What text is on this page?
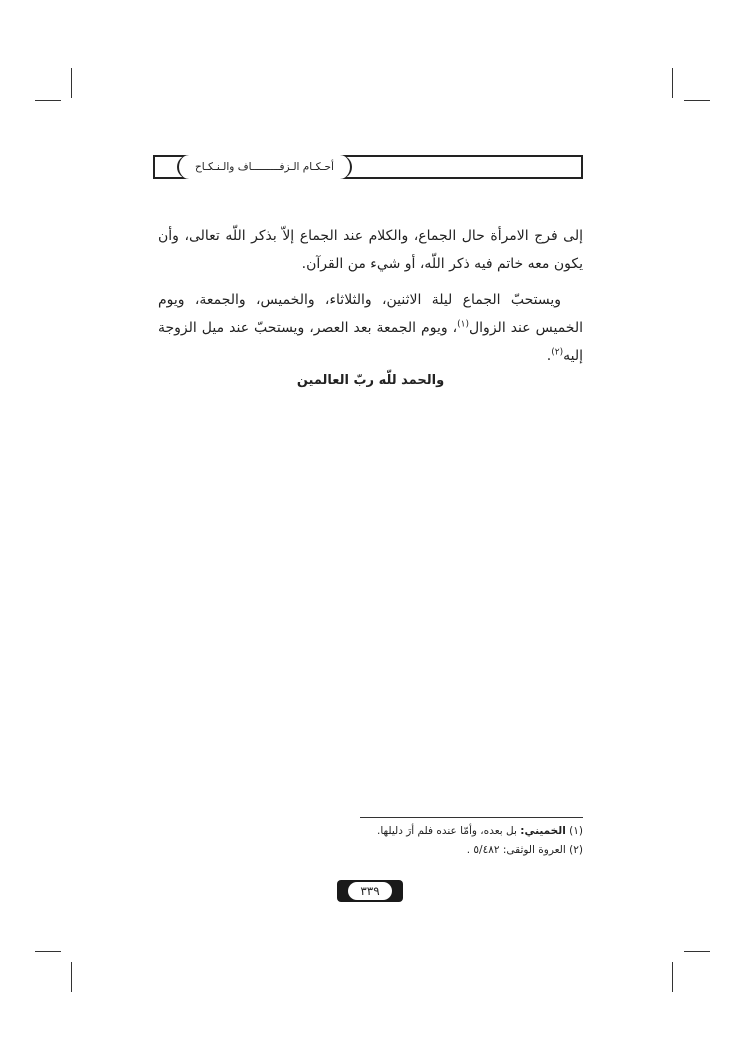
أحـكـام الـزفـــــــــاف والـنـكـاح
إلى فرج الامرأة حال الجماع، والكلام عند الجماع إلاّ بذكر اللّه تعالى، وأن يكون معه خاتم فيه ذكر اللّه، أو شيء من القرآن.
ويستحبّ الجماع ليلة الاثنين، والثلاثاء، والخميس، والجمعة، ويوم الخميس عند الزوال$^{(١)}$، ويوم الجمعة بعد العصر، ويستحبّ عند ميل الزوجة إليه$^{(٢)}$.
والحمد للّه ربّ العالمين
(١) الخميني: بل بعده، وأمّا عنده فلم أرَ دليلها.
(٢) العروة الوثقى: ٥/٤٨٢ .
٣٣٩
